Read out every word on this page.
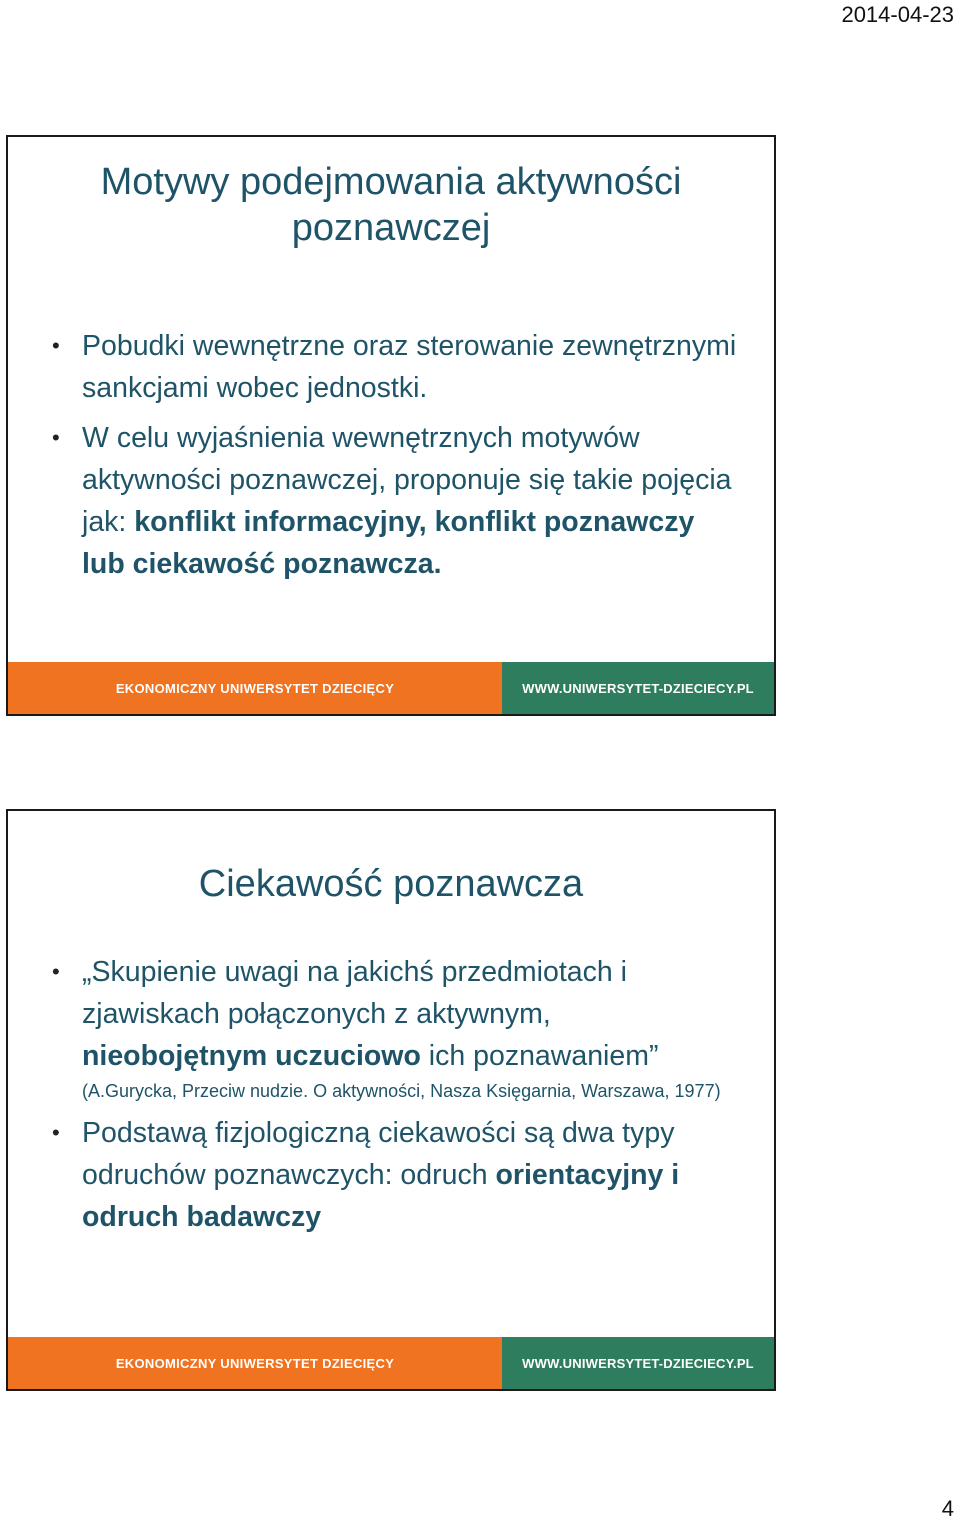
2014-04-23
Motywy podejmowania aktywności poznawczej
• Pobudki wewnętrzne oraz sterowanie zewnętrznymi sankcjami wobec jednostki.
• W celu wyjaśnienia wewnętrznych motywów aktywności poznawczej, proponuje się takie pojęcia jak: konflikt informacyjny, konflikt poznawczy lub ciekawość poznawcza.
EKONOMICZNY UNIWERSYTET DZIECIĘCY	WWW.UNIWERSYTET-DZIECIECY.PL
Ciekawość poznawcza
• „Skupienie uwagi na jakichś przedmiotach i zjawiskach połączonych z aktywnym, nieobojętnym uczuciowo ich poznawaniem”
(A.Gurycka, Przeciw nudzie. O aktywności, Nasza Księgarnia, Warszawa, 1977)
• Podstawą fizjologiczną ciekawości są dwa typy odruchów poznawczych: odruch orientacyjny i odruch badawczy
EKONOMICZNY UNIWERSYTET DZIECIĘCY	WWW.UNIWERSYTET-DZIECIECY.PL
4
